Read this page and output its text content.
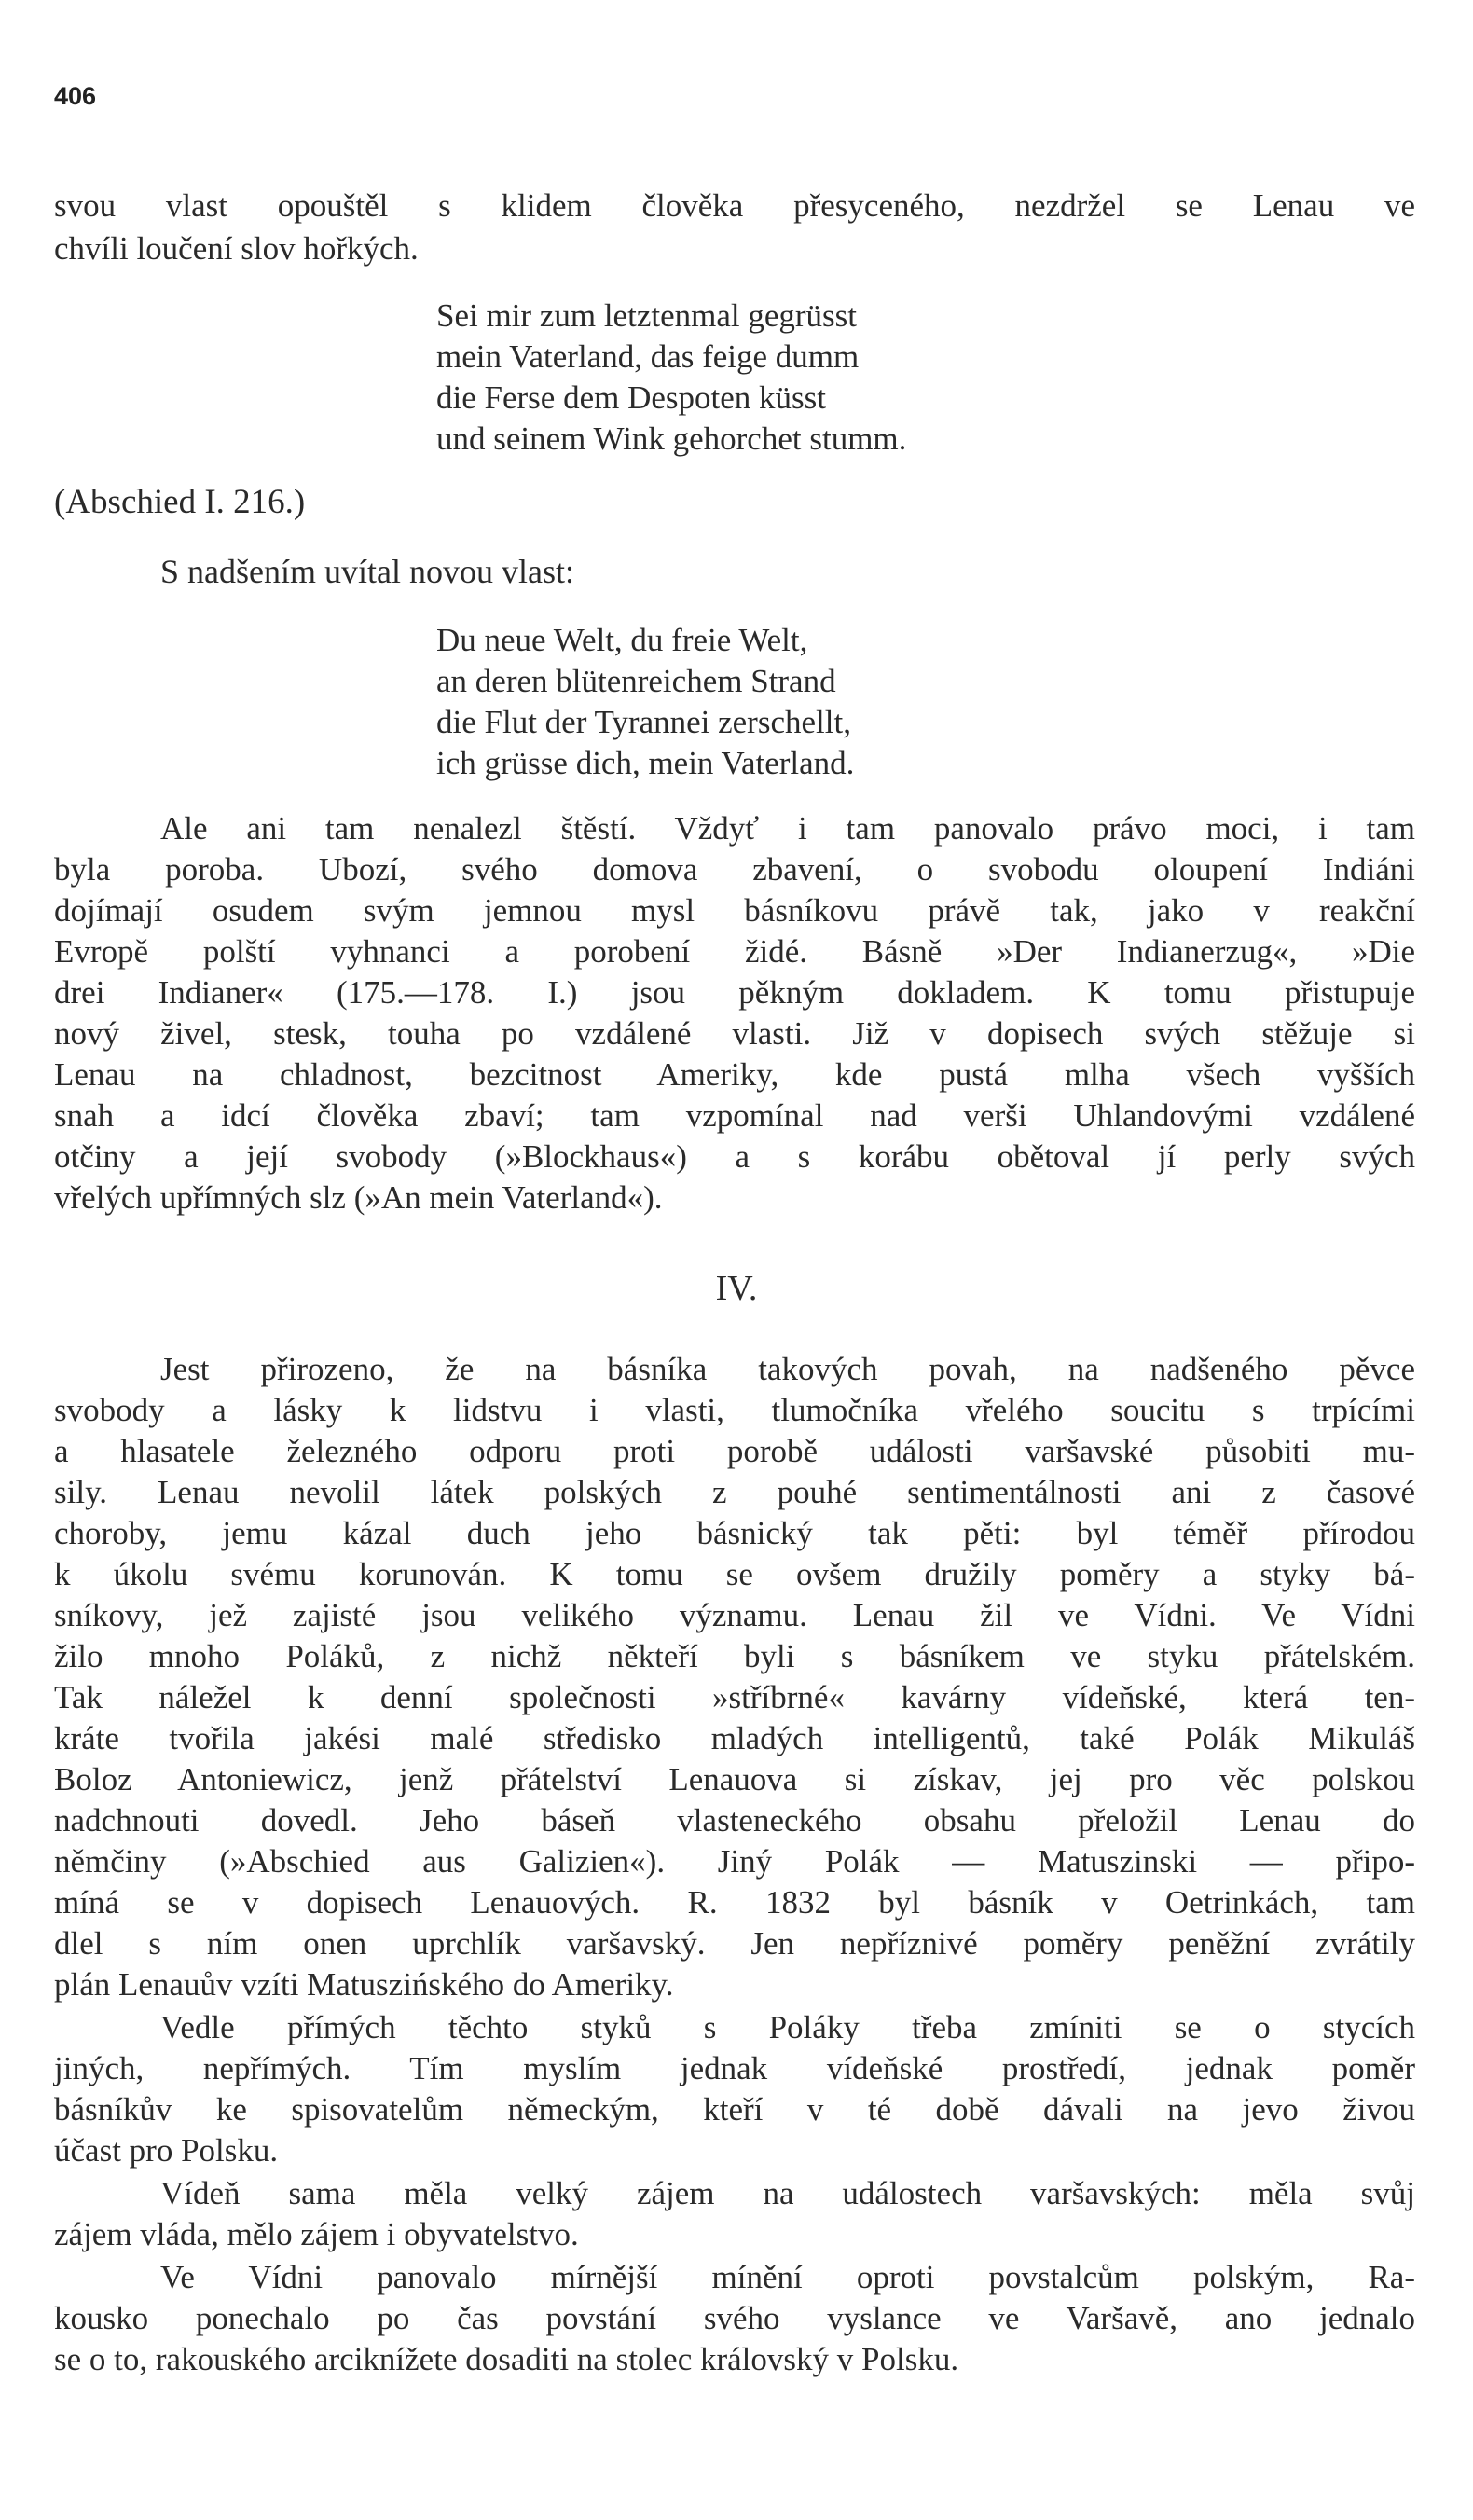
406
svou vlast opouštěl s klidem člověka přesyceného, nezdržel se Lenau ve
chvíli loučení slov hořkých.
Sei mir zum letztenmal gegrüsst
mein Vaterland, das feige dumm
die Ferse dem Despoten küsst
und seinem Wink gehorchet stumm.
(Abschied I. 216.)
S nadšením uvítal novou vlast:
Du neue Welt, du freie Welt,
an deren blütenreichem Strand
die Flut der Tyrannei zerschellt,
ich grüsse dich, mein Vaterland.
Ale ani tam nenalezl štěstí. Vždyť i tam panovalo právo moci, i tam
byla poroba. Ubozí, svého domova zbavení, o svobodu oloupení Indiáni
dojímají osudem svým jemnou mysl básníkovu právě tak, jako v reakční
Evropě polští vyhnanci a porobení židé. Básně »Der Indianerzug«, »Die
drei Indianer« (175.—178. I.) jsou pěkným dokladem. K tomu přistupuje
nový živel, stesk, touha po vzdálené vlasti. Již v dopisech svých stěžuje si
Lenau na chladnost, bezcitnost Ameriky, kde pustá mlha všech vyšších
snah a idcí člověka zbaví; tam vzpomínal nad verši Uhlandovými vzdálené
otčiny a její svobody (»Blockhaus«) a s korábu obětoval jí perly svých
vřelých upřímných slz (»An mein Vaterland«).
IV.
Jest přirozeno, že na básníka takových povah, na nadšeného pěvce
svobody a lásky k lidstvu i vlasti, tlumočníka vřelého soucitu s trpícími
a hlasatele železného odporu proti porobě události varšavské působiti mu-
sily. Lenau nevolil látek polských z pouhé sentimentálnosti ani z časové
choroby, jemu kázal duch jeho básnický tak pěti: byl téměř přírodou
k úkolu svému korunován. K tomu se ovšem družily poměry a styky bá-
sníkovy, jež zajisté jsou velikého významu. Lenau žil ve Vídni. Ve Vídni
žilo mnoho Poláků, z nichž někteří byli s básníkem ve styku přátelském.
Tak náležel k denní společnosti »stříbrné« kavárny vídeňské, která ten-
kráte tvořila jakési malé středisko mladých intelligentů, také Polák Mikuláš
Boloz Antoniewicz, jenž přátelství Lenauova si získav, jej pro věc polskou
nadchnouti dovedl. Jeho báseň vlasteneckého obsahu přeložil Lenau do
němčiny (»Abschied aus Galizien«). Jiný Polák — Matuszinski — připo-
míná se v dopisech Lenauových. R. 1832 byl básník v Oetrinkách, tam
dlel s ním onen uprchlík varšavský. Jen nepříznivé poměry peněžní zvrátily
plán Lenauův vzíti Matuszińského do Ameriky.
Vedle přímých těchto styků s Poláky třeba zmíniti se o stycích
jiných, nepřímých. Tím myslím jednak vídeňské prostředí, jednak poměr
básníkův ke spisovatelům německým, kteří v té době dávali na jevo živou
účast pro Polsku.
Vídeň sama měla velký zájem na událostech varšavských: měla svůj
zájem vláda, mělo zájem i obyvatelstvo.
Ve Vídni panovalo mírnější mínění oproti povstalcům polským, Ra-
kousko ponechalo po čas povstání svého vyslance ve Varšavě, ano jednalo
se o to, rakouského arciknížete dosaditi na stolec královský v Polsku.
